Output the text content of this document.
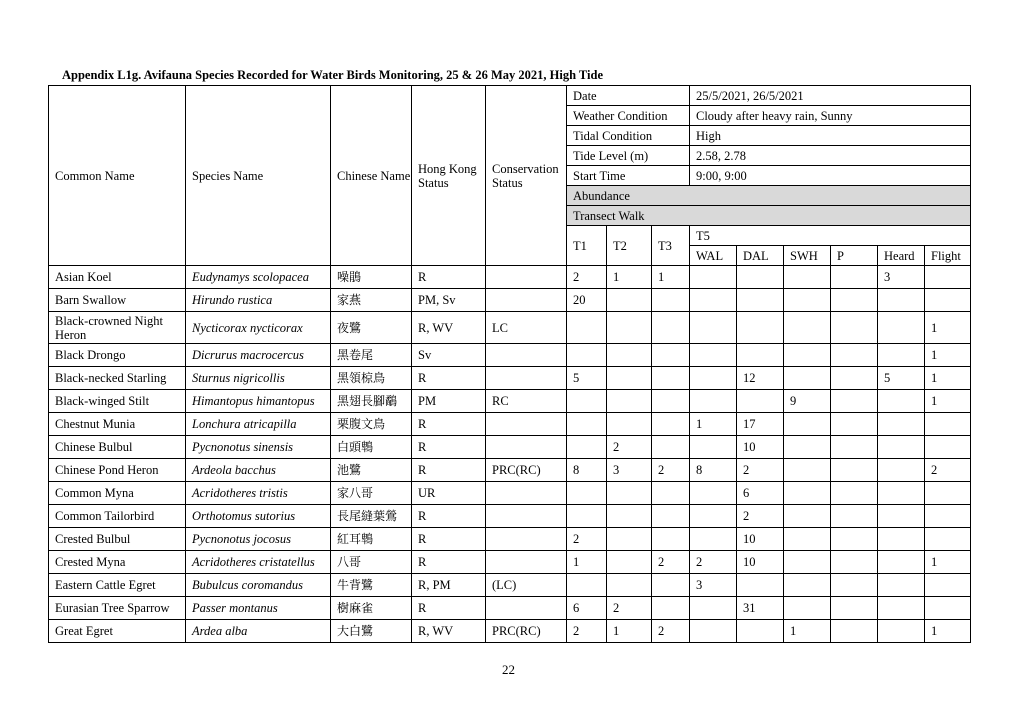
Appendix L1g. Avifauna Species Recorded for Water Birds Monitoring, 25 & 26 May 2021, High Tide
Common Name	Species Name	Chinese Name	Hong Kong Status	Conservation Status	Date			25/5/2021, 26/5/2021					
					Weather Condition			Cloudy after heavy rain, Sunny					
					Tidal Condition			High					
					Tide Level (m)			2.58, 2.78					
					Start Time			9:00, 9:00					
					Abundance								
					Transect Walk								
					T1	T2	T3	T5					
								WAL	DAL	SWH	P	Heard	Flight
Asian Koel	Eudynamys scolopacea	噪鵑	R		2	1	1					3	
Barn Swallow	Hirundo rustica	家燕	PM, Sv		20								
Black-crowned Night Heron	Nycticorax nycticorax	夜鷺	R, WV	LC									1
Black Drongo	Dicrurus macrocercus	黑卷尾	Sv										1
Black-necked Starling	Sturnus nigricollis	黑領椋鳥	R		5				12			5	1
Black-winged Stilt	Himantopus himantopus	黑翅長腳鷸	PM	RC						9			1
Chestnut Munia	Lonchura atricapilla	栗腹文鳥	R					1	17				
Chinese Bulbul	Pycnonotus sinensis	白頭鵯	R			2			10				
Chinese Pond Heron	Ardeola bacchus	池鷺	R	PRC(RC)	8	3	2	8	2				2
Common Myna	Acridotheres tristis	家八哥	UR						6				
Common Tailorbird	Orthotomus sutorius	長尾縫葉鶯	R						2				
Crested Bulbul	Pycnonotus jocosus	紅耳鵯	R		2				10				
Crested Myna	Acridotheres cristatellus	八哥	R		1		2	2	10				1
Eastern Cattle Egret	Bubulcus coromandus	牛背鷺	R, PM	(LC)				3					
Eurasian Tree Sparrow	Passer montanus	樹麻雀	R		6	2			31				
Great Egret	Ardea alba	大白鷺	R, WV	PRC(RC)	2	1	2			1			1
22
